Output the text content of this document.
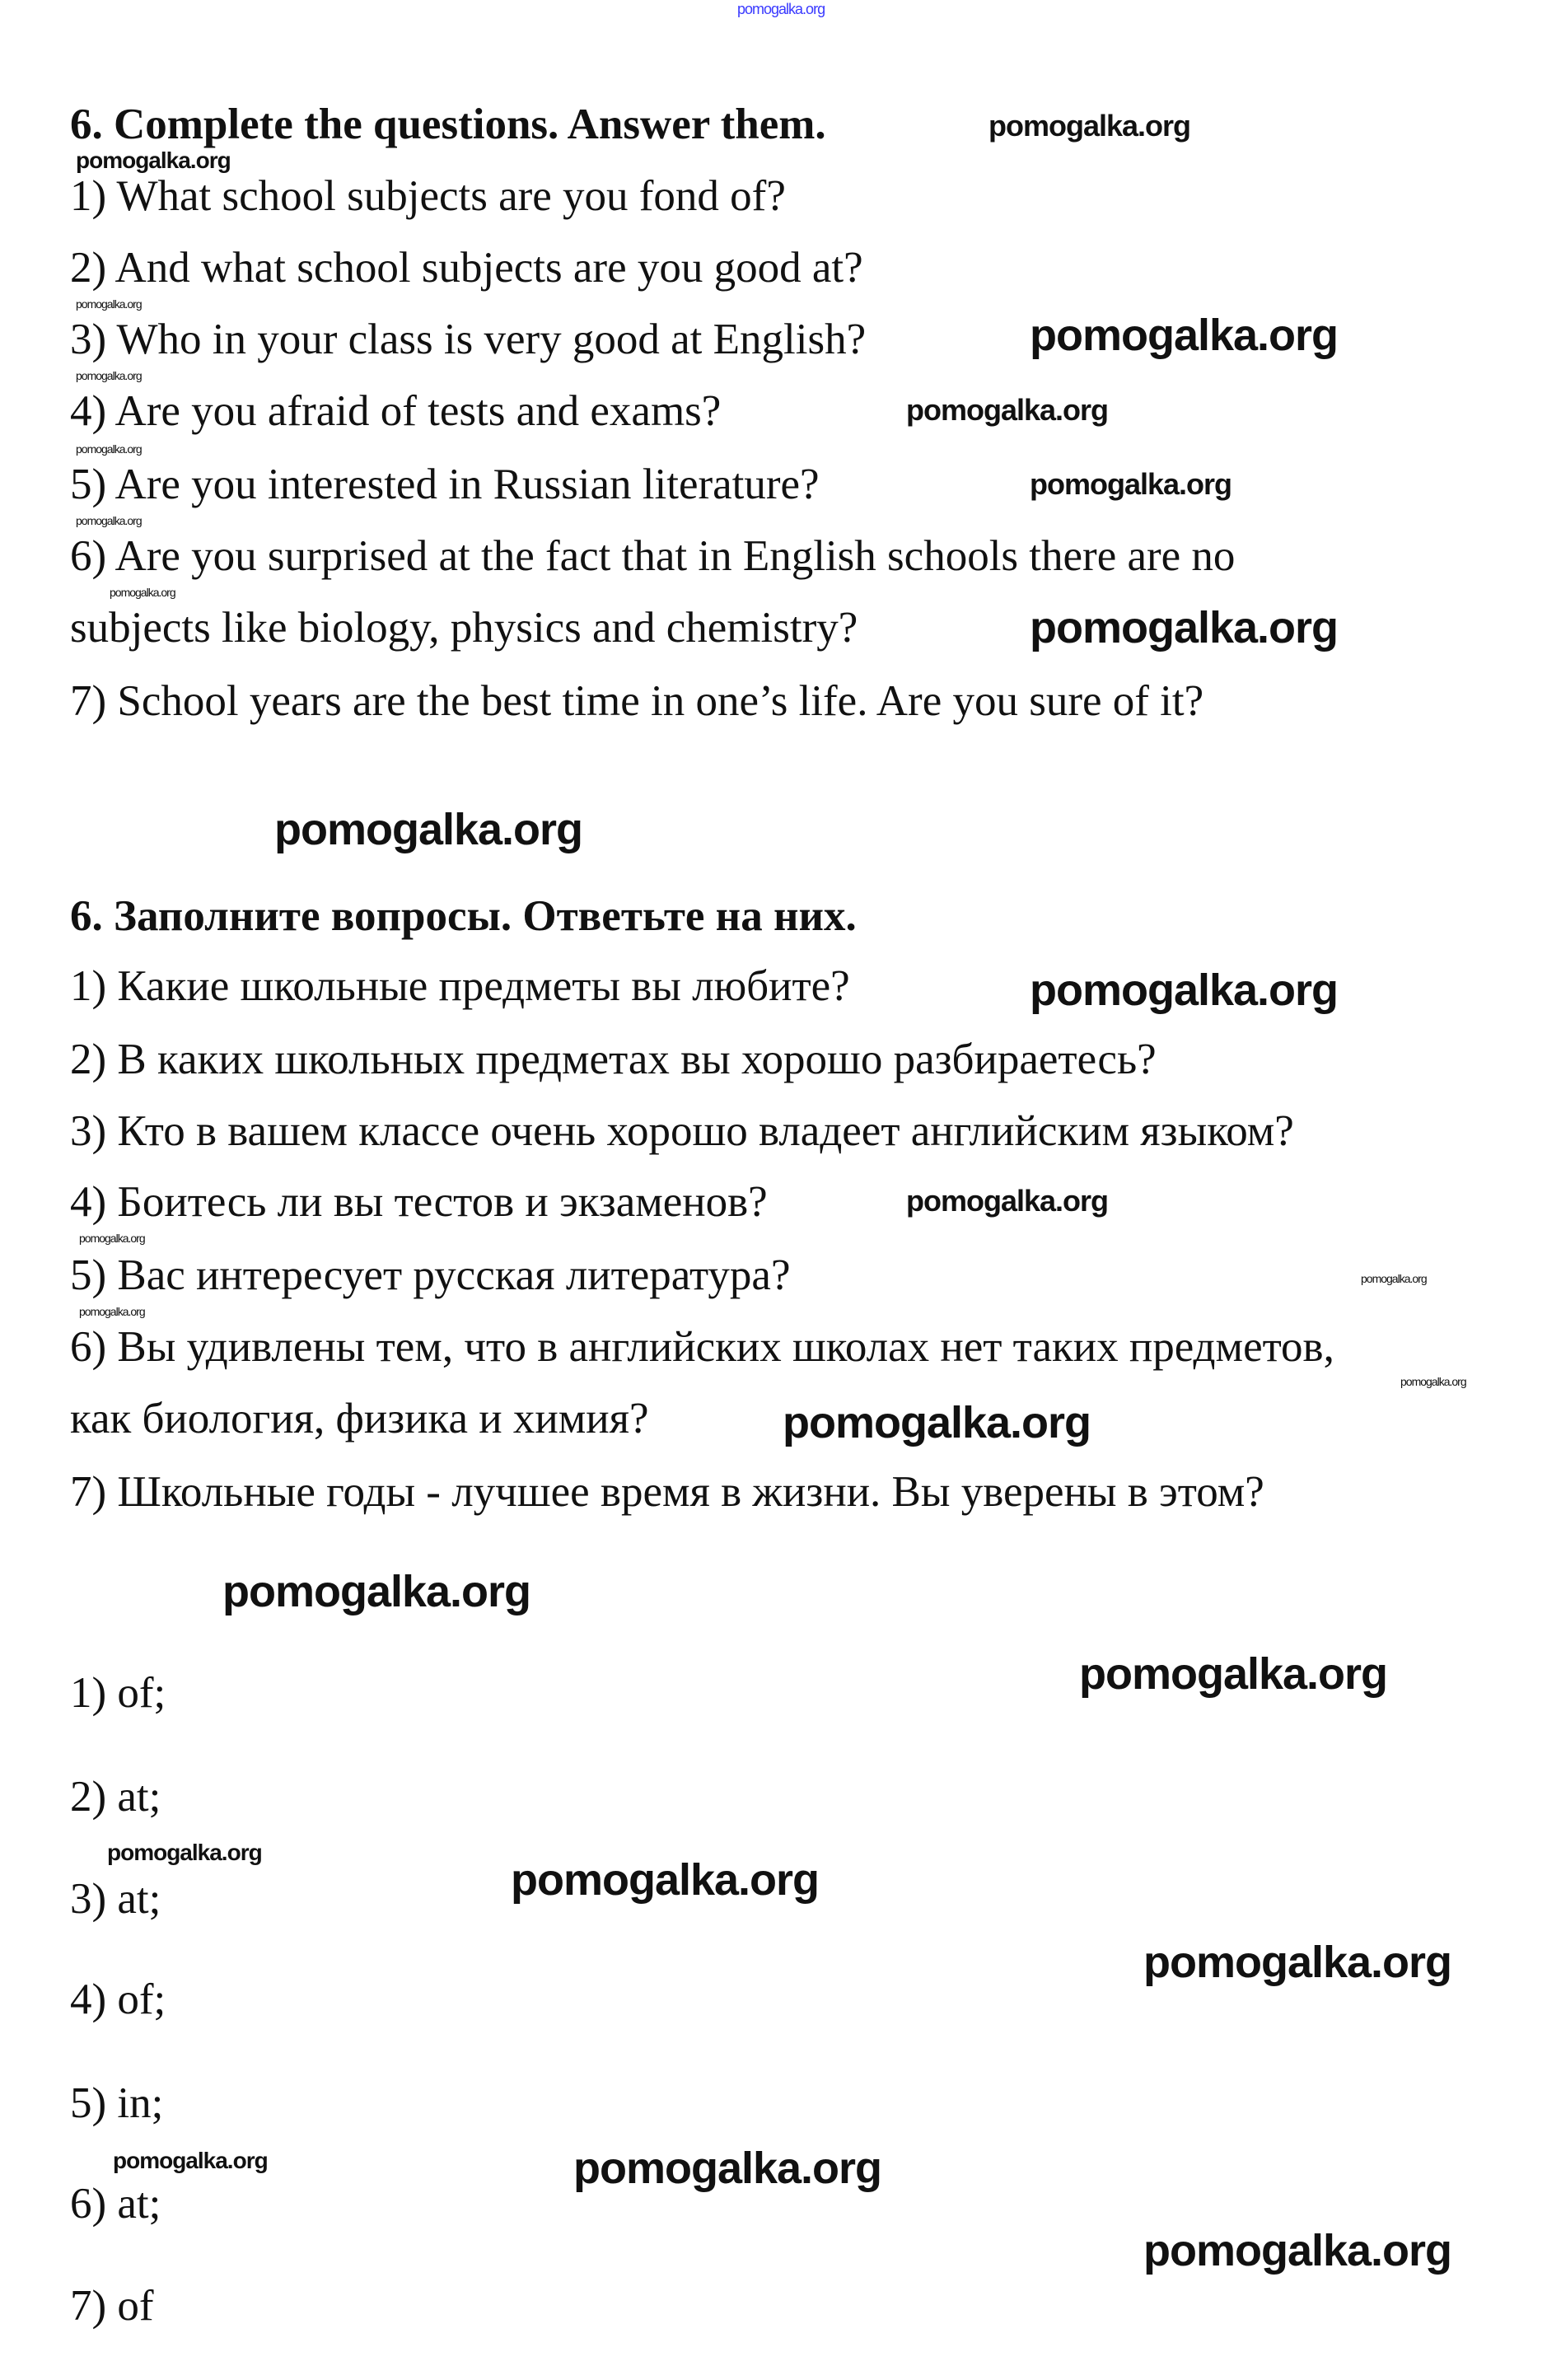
pomogalka.org
6. Complete the questions. Answer them.
1) What school subjects are you fond of?
2) And what school subjects are you good at?
3) Who in your class is very good at English?
4) Are you afraid of tests and exams?
5) Are you interested in Russian literature?
6) Are you surprised at the fact that in English schools there are no
subjects like biology, physics and chemistry?
7) School years are the best time in one’s life. Are you sure of it?
6. Заполните вопросы. Ответьте на них.
1) Какие школьные предметы вы любите?
2) В каких школьных предметах вы хорошо разбираетесь?
3) Кто в вашем классе очень хорошо владеет английским языком?
4) Боитесь ли вы тестов и экзаменов?
5) Вас интересует русская литература?
6) Вы удивлены тем, что в английских школах нет таких предметов,
как биология, физика и химия?
7) Школьные годы - лучшее время в жизни. Вы уверены в этом?
1) of;
2) at;
3) at;
4) of;
5) in;
6) at;
7) of
pomogalka.org
pomogalka.org
pomogalka.org
pomogalka.org
pomogalka.org
pomogalka.org
pomogalka.org
pomogalka.org
pomogalka.org
pomogalka.org
pomogalka.org
pomogalka.org
pomogalka.org
pomogalka.org
pomogalka.org
pomogalka.org
pomogalka.org
pomogalka.org
pomogalka.org
pomogalka.org
pomogalka.org
pomogalka.org
pomogalka.org
pomogalka.org
pomogalka.org
pomogalka.org
pomogalka.org
